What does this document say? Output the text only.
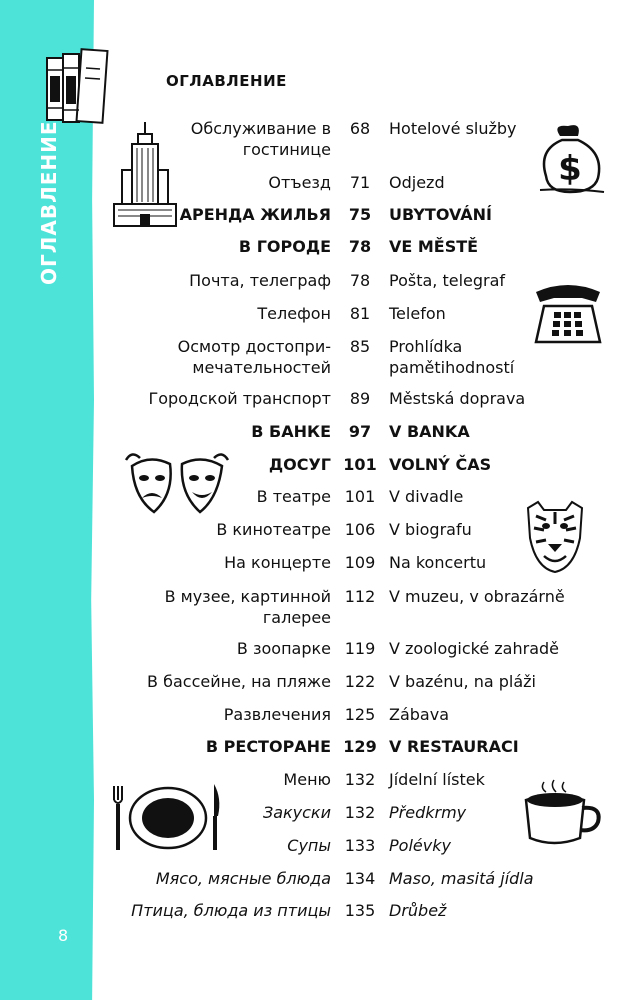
ОГЛАВЛЕНИЕ
8
ОГЛАВЛЕНИЕ
$
Обслуживание в
гостинице
68	Hotelové služby
Отъезд	71	Odjezd
АРЕНДА ЖИЛЬЯ	75	UBYTOVÁNÍ
В ГОРОДЕ	78	VE MĚSTĚ
Почта, телеграф	78	Pošta, telegraf
Телефон	81	Telefon
Осмотр достопри-
мечательностей
85	Prohlídka
pamětihodností
Городской транспорт	89	Městská doprava
В БАНКЕ	97	V BANKA
ДОСУГ 101 VOLNÝ ČAS
В театре 101 V divadle
В кинотеатре 106 V biografu
На концерте 109 Na koncertu
В музее, картинной
галерее
112 V muzeu, v obrazárně
В зоопарке 119 V zoologické zahradě
В бассейне, на пляже 122 V bazénu, na pláži
Развлечения 125 Zábava
В РЕСТОРАНЕ 129 V RESTAURACI
Меню 132 Jídelní lístek
Закуски 132 Předkrmy
Супы 133 Polévky
Мясо, мясные блюда 134 Maso, masitá jídla
Птица, блюда из птицы 135 Drůbež
